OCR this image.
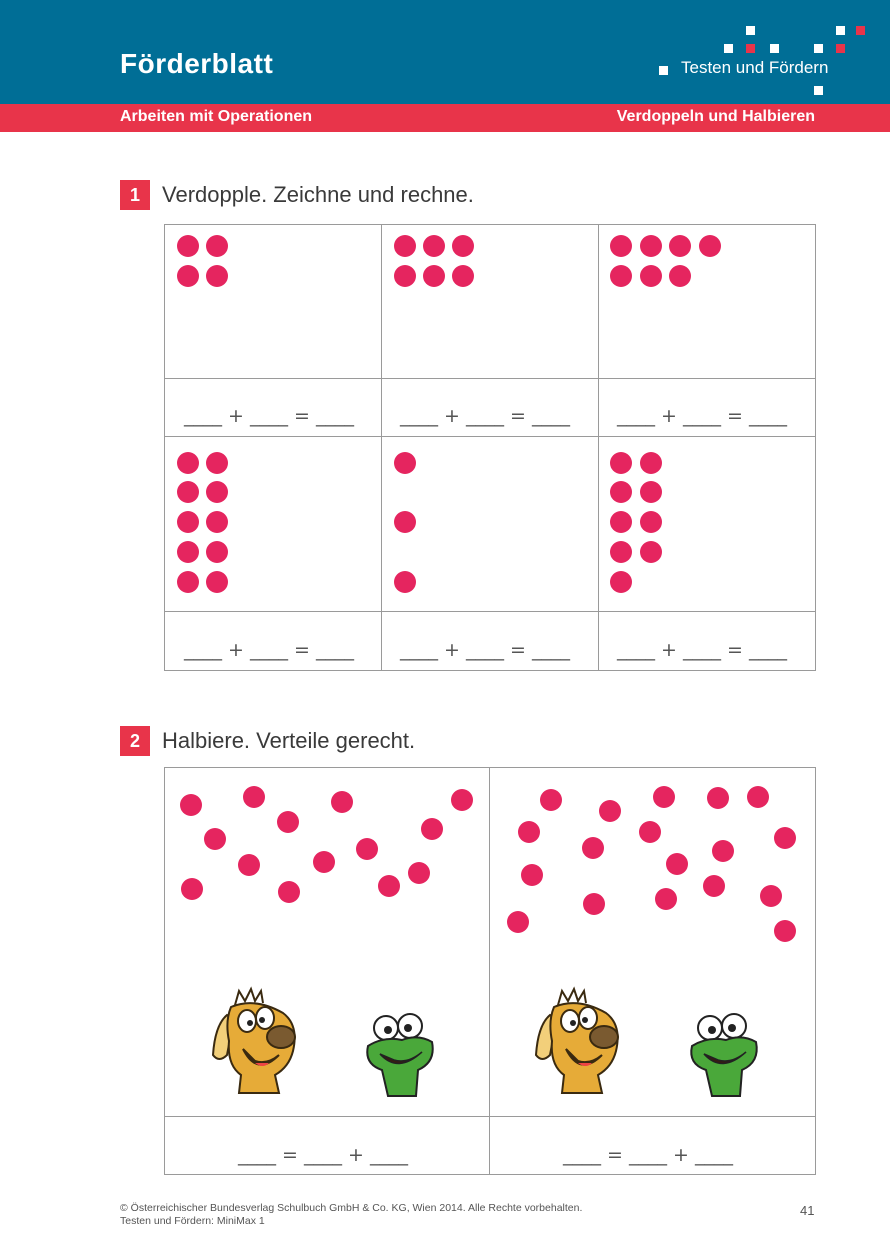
Förderblatt	Testen und Fördern
Arbeiten mit Operationen	Verdoppeln und Halbieren
1	Verdopple. Zeichne und rechne.
____ + ____ = ____ ____ + ____ = ____ ____ + ____ = ____
____ + ____ = ____ ____ + ____ = ____ ____ + ____ = ____
2	Halbiere. Verteile gerecht.
____ = ____ + ____	____ = ____ + ____
© Österreichischer Bundesverlag Schulbuch GmbH & Co. KG, Wien 2014. Alle Rechte vorbehalten.
Testen und Fördern: MiniMax 1
41
